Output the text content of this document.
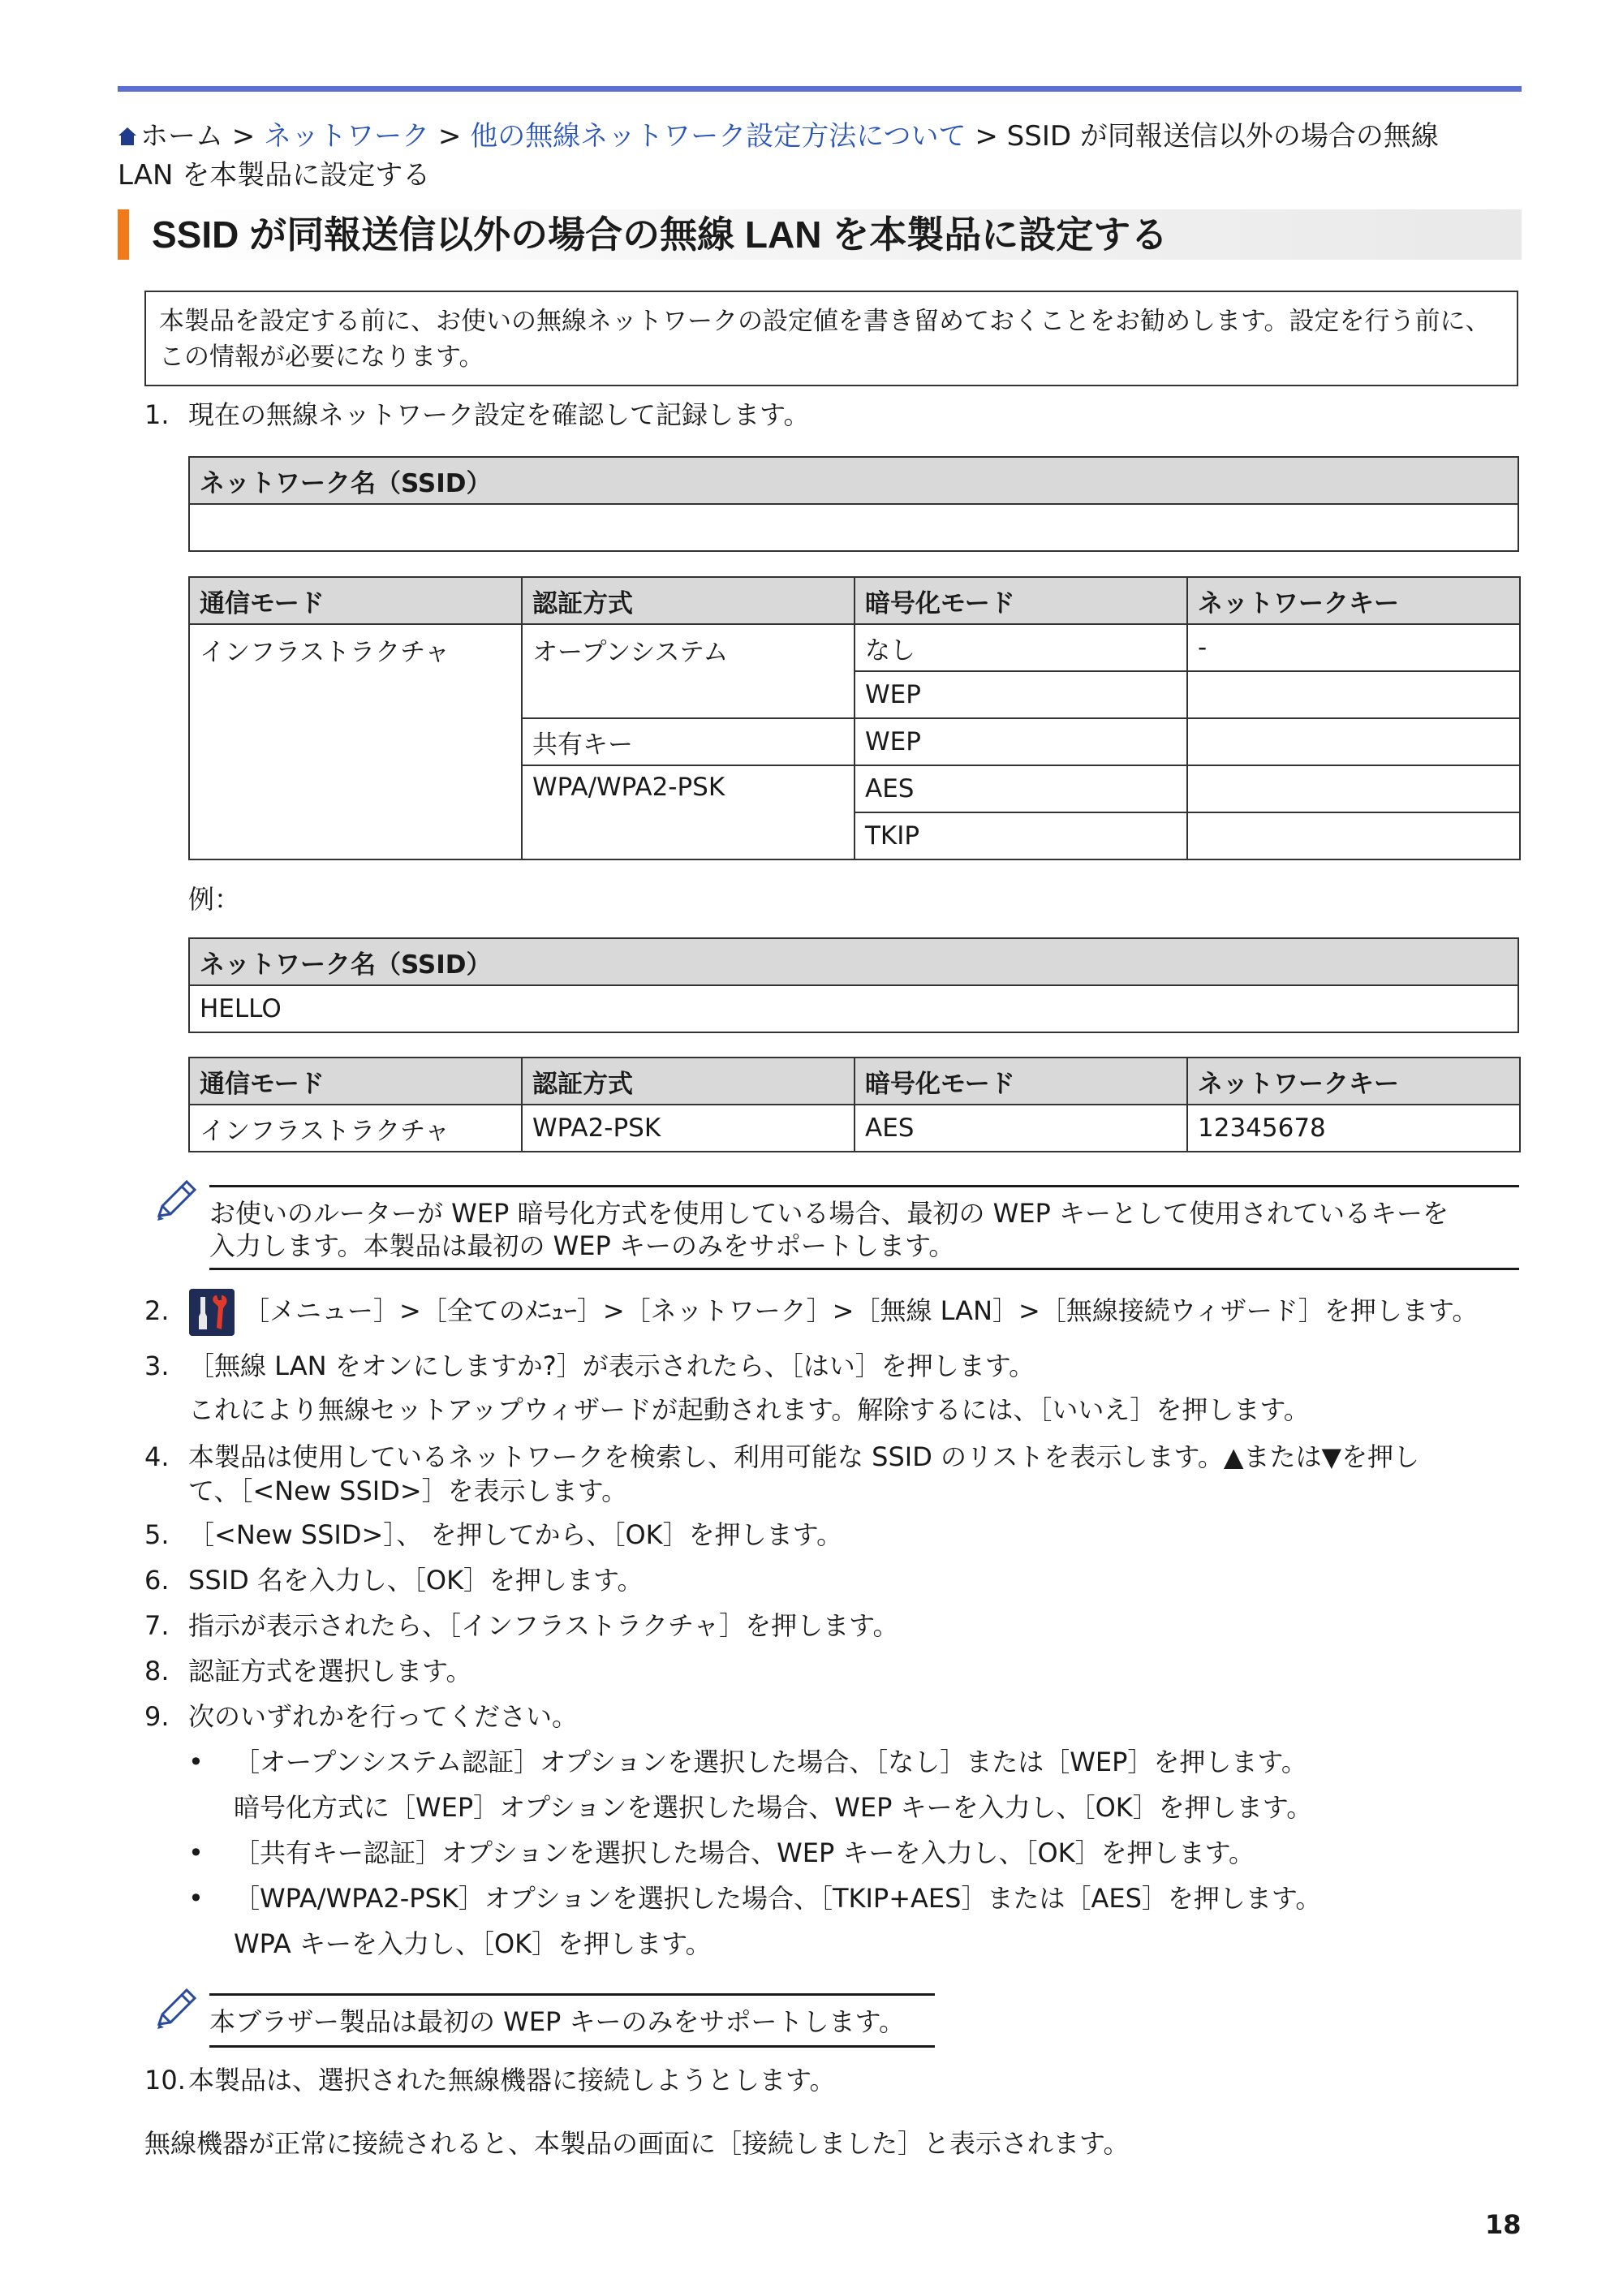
ホーム > ネットワーク > 他の無線ネットワーク設定方法について > SSID が同報送信以外の場合の無線
LAN を本製品に設定する
SSID が同報送信以外の場合の無線 LAN を本製品に設定する
本製品を設定する前に、お使いの無線ネットワークの設定値を書き留めておくことをお勧めします。設定を行う前に、この情報が必要になります。
1. 現在の無線ネットワーク設定を確認して記録します。
ネットワーク名（SSID）

通信モード	認証方式	暗号化モード	ネットワークキー
インフラストラクチャ	オープンシステム	なし	-
		WEP	
	共有キー	WEP	
	WPA/WPA2-PSK	AES	
		TKIP	
例：
ネットワーク名（SSID）
HELLO
通信モード	認証方式	暗号化モード	ネットワークキー
インフラストラクチャ	WPA2-PSK	AES	12345678
お使いのルーターが WEP 暗号化方式を使用している場合、最初の WEP キーとして使用されているキーを
入力します。本製品は最初の WEP キーのみをサポートします。
2.	［メニュー］>［全てのﾒﾆｭｰ］>［ネットワーク］>［無線 LAN］>［無線接続ウィザード］を押します。
3. ［無線 LAN をオンにしますか?］が表示されたら、［はい］を押します。
これにより無線セットアップウィザードが起動されます。解除するには、［いいえ］を押します。
4. 本製品は使用しているネットワークを検索し、利用可能な SSID のリストを表示します。▲または▼を押し
て、［<New SSID>］を表示します。
5. ［<New SSID>］、 を押してから、［OK］を押します。
6. SSID 名を入力し、［OK］を押します。
7. 指示が表示されたら、［インフラストラクチャ］を押します。
8. 認証方式を選択します。
9. 次のいずれかを行ってください。
• ［オープンシステム認証］オプションを選択した場合、［なし］または［WEP］を押します。
暗号化方式に［WEP］オプションを選択した場合、WEP キーを入力し、［OK］を押します。
• ［共有キー認証］オプションを選択した場合、WEP キーを入力し、［OK］を押します。
• ［WPA/WPA2-PSK］オプションを選択した場合、［TKIP+AES］または［AES］を押します。
WPA キーを入力し、［OK］を押します。
本ブラザー製品は最初の WEP キーのみをサポートします。
10. 本製品は、選択された無線機器に接続しようとします。
無線機器が正常に接続されると、本製品の画面に［接続しました］と表示されます。
18
